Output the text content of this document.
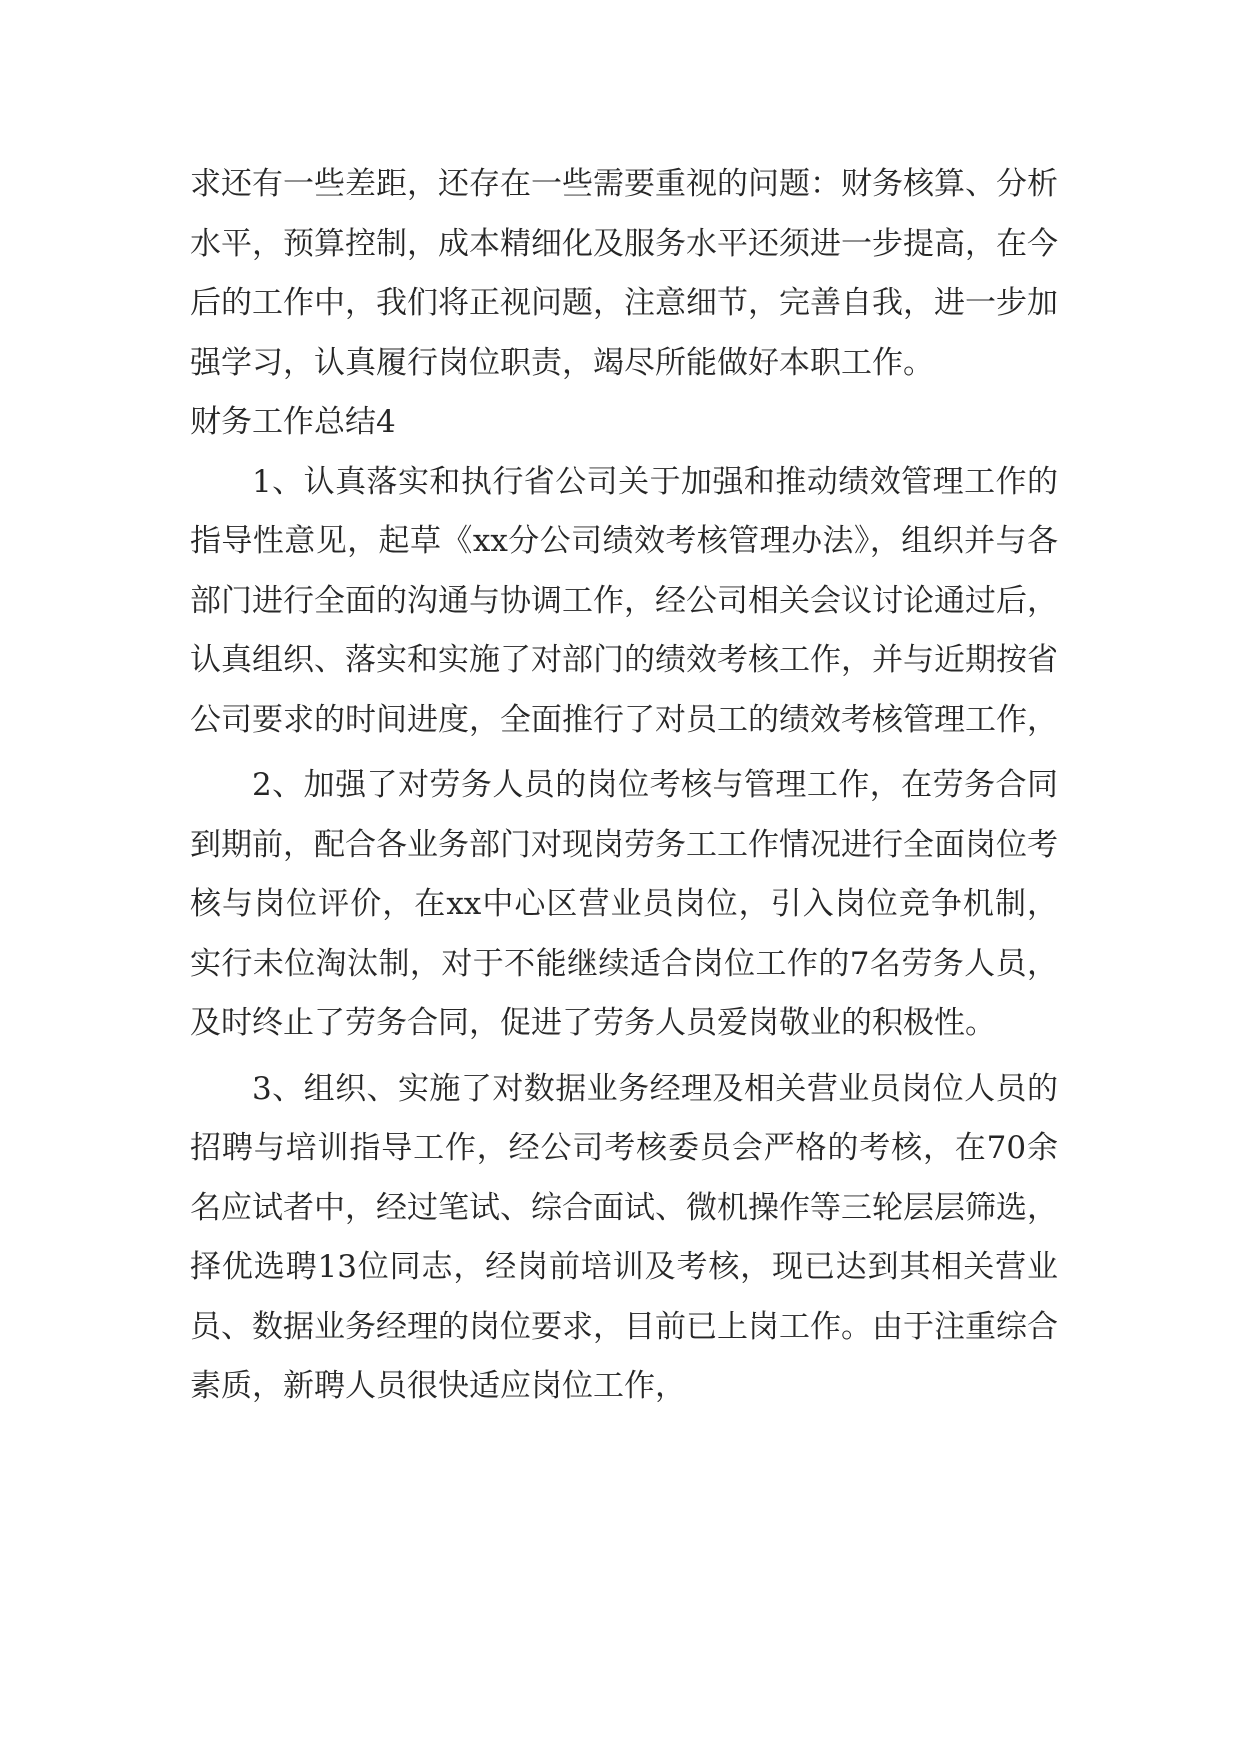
求还有一些差距，还存在一些需要重视的问题：财务核算、分析水平，预算控制，成本精细化及服务水平还须进一步提高，在今后的工作中，我们将正视问题，注意细节，完善自我，进一步加强学习，认真履行岗位职责，竭尽所能做好本职工作。

财务工作总结4

1、认真落实和执行省公司关于加强和推动绩效管理工作的指导性意见，起草《xx分公司绩效考核管理办法》，组织并与各部门进行全面的沟通与协调工作，经公司相关会议讨论通过后，认真组织、落实和实施了对部门的绩效考核工作，并与近期按省公司要求的时间进度，全面推行了对员工的绩效考核管理工作，

2、加强了对劳务人员的岗位考核与管理工作，在劳务合同到期前，配合各业务部门对现岗劳务工工作情况进行全面岗位考核与岗位评价，在xx中心区营业员岗位，引入岗位竞争机制，实行未位淘汰制，对于不能继续适合岗位工作的7名劳务人员，及时终止了劳务合同，促进了劳务人员爱岗敬业的积极性。

3、组织、实施了对数据业务经理及相关营业员岗位人员的招聘与培训指导工作，经公司考核委员会严格的考核，在70余名应试者中，经过笔试、综合面试、微机操作等三轮层层筛选，择优选聘13位同志，经岗前培训及考核，现已达到其相关营业员、数据业务经理的岗位要求，目前已上岗工作。由于注重综合素质，新聘人员很快适应岗位工作，
